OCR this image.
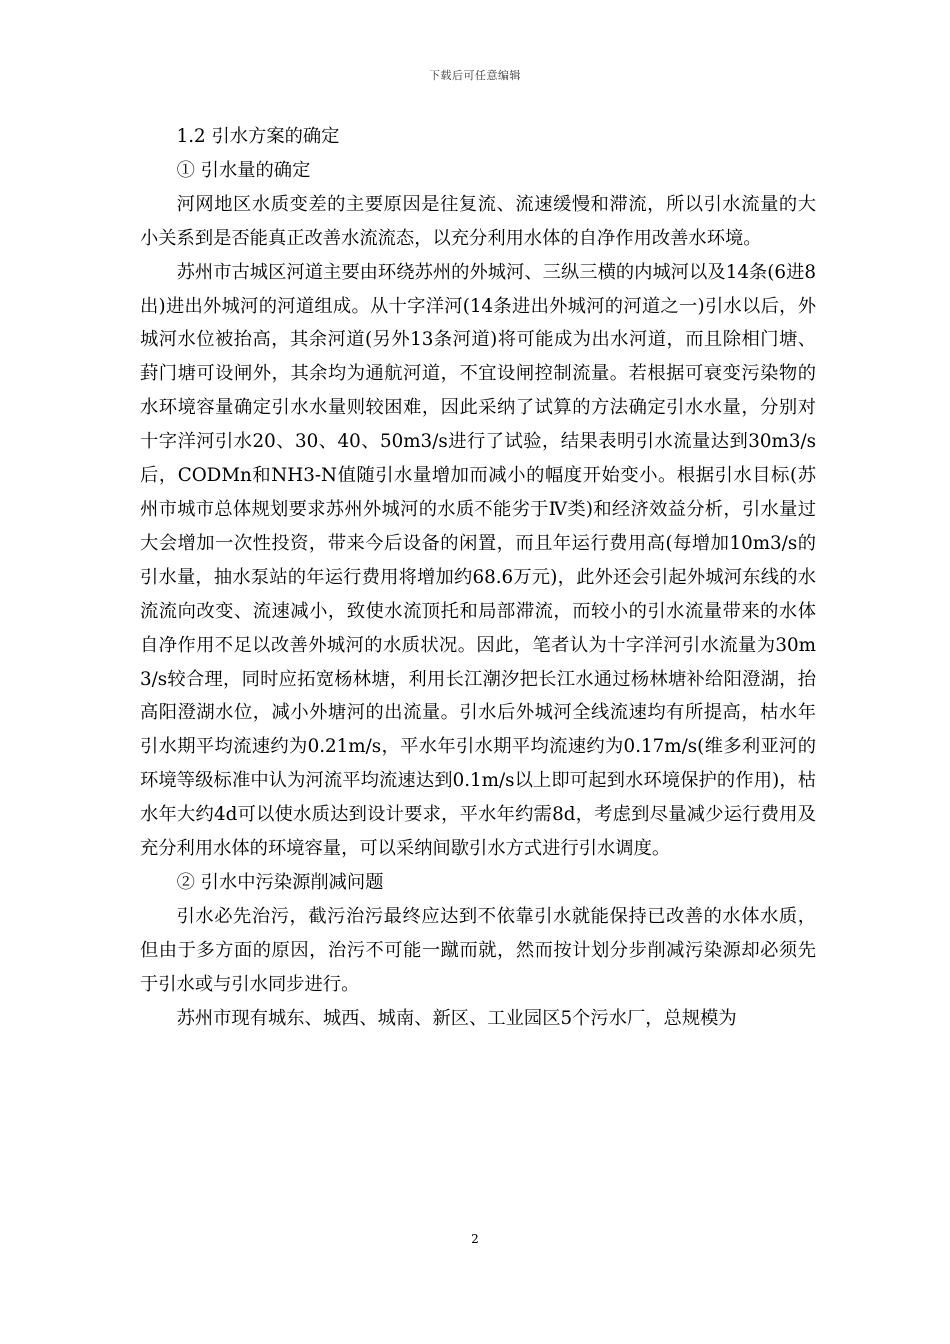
下载后可任意编辑

1.2 引水方案的确定

① 引水量的确定

河网地区水质变差的主要原因是往复流、流速缓慢和滞流，所以引水流量的大小关系到是否能真正改善水流流态，以充分利用水体的自净作用改善水环境。

苏州市古城区河道主要由环绕苏州的外城河、三纵三横的内城河以及14条(6进8出)进出外城河的河道组成。从十字洋河(14条进出外城河的河道之一)引水以后，外城河水位被抬高，其余河道(另外13条河道)将可能成为出水河道，而且除相门塘、葑门塘可设闸外，其余均为通航河道，不宜设闸控制流量。若根据可衰变污染物的水环境容量确定引水水量则较困难，因此采纳了试算的方法确定引水水量，分别对十字洋河引水20、30、40、50m3/s进行了试验，结果表明引水流量达到30m3/s后，CODMn和NH3-N值随引水量增加而减小的幅度开始变小。根据引水目标(苏州市城市总体规划要求苏州外城河的水质不能劣于Ⅳ类)和经济效益分析，引水量过大会增加一次性投资，带来今后设备的闲置，而且年运行费用高(每增加10m3/s的引水量，抽水泵站的年运行费用将增加约68.6万元)，此外还会引起外城河东线的水流流向改变、流速减小，致使水流顶托和局部滞流，而较小的引水流量带来的水体自净作用不足以改善外城河的水质状况。因此，笔者认为十字洋河引水流量为30m3/s较合理，同时应拓宽杨林塘，利用长江潮汐把长江水通过杨林塘补给阳澄湖，抬高阳澄湖水位，减小外塘河的出流量。引水后外城河全线流速均有所提高，枯水年引水期平均流速约为0.21m/s，平水年引水期平均流速约为0.17m/s(维多利亚河的环境等级标准中认为河流平均流速达到0.1m/s以上即可起到水环境保护的作用)，枯水年大约4d可以使水质达到设计要求，平水年约需8d，考虑到尽量减少运行费用及充分利用水体的环境容量，可以采纳间歇引水方式进行引水调度。

② 引水中污染源削减问题

引水必先治污，截污治污最终应达到不依靠引水就能保持已改善的水体水质，但由于多方面的原因，治污不可能一蹴而就，然而按计划分步削减污染源却必须先于引水或与引水同步进行。

苏州市现有城东、城西、城南、新区、工业园区5个污水厂，总规模为

2
